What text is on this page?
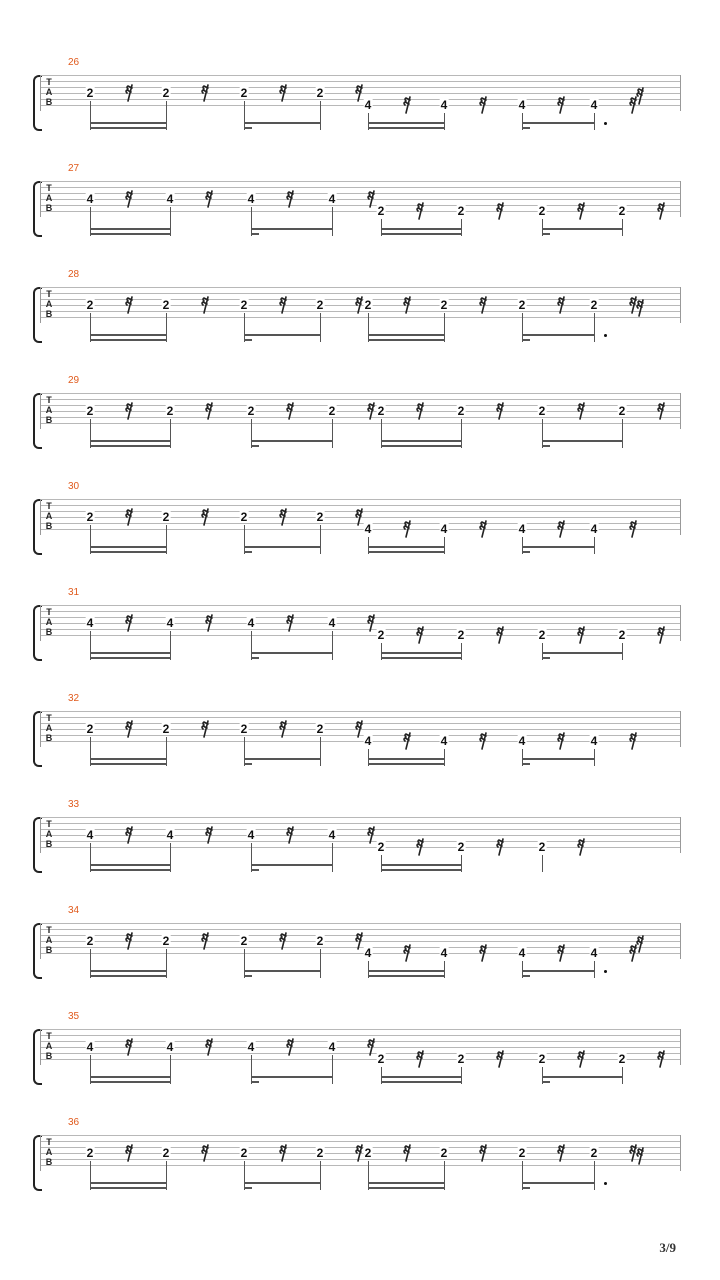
26
T
A
B
2	2	2	2
4	4	4	4
27
T
A
B
4	4	4	4
2	2	2	2
28
T
A
B
2	2	2	2	2	2	2	2
29
T
A
B
2	2	2	2	2	2	2	2
30
T
A
B
2	2	2	2
4	4	4	4
31
T
A
B
4	4	4	4
2	2	2	2
32
T
A
B
2	2	2	2
4	4	4	4
33
T
A
B
4	4	4	4
2	2	2
34
T
A
B
2	2	2	2
4	4	4	4
35
T
A
B
4	4	4	4
2	2	2	2
36
T
A
B
2	2	2	2	2	2	2	2
3/9
